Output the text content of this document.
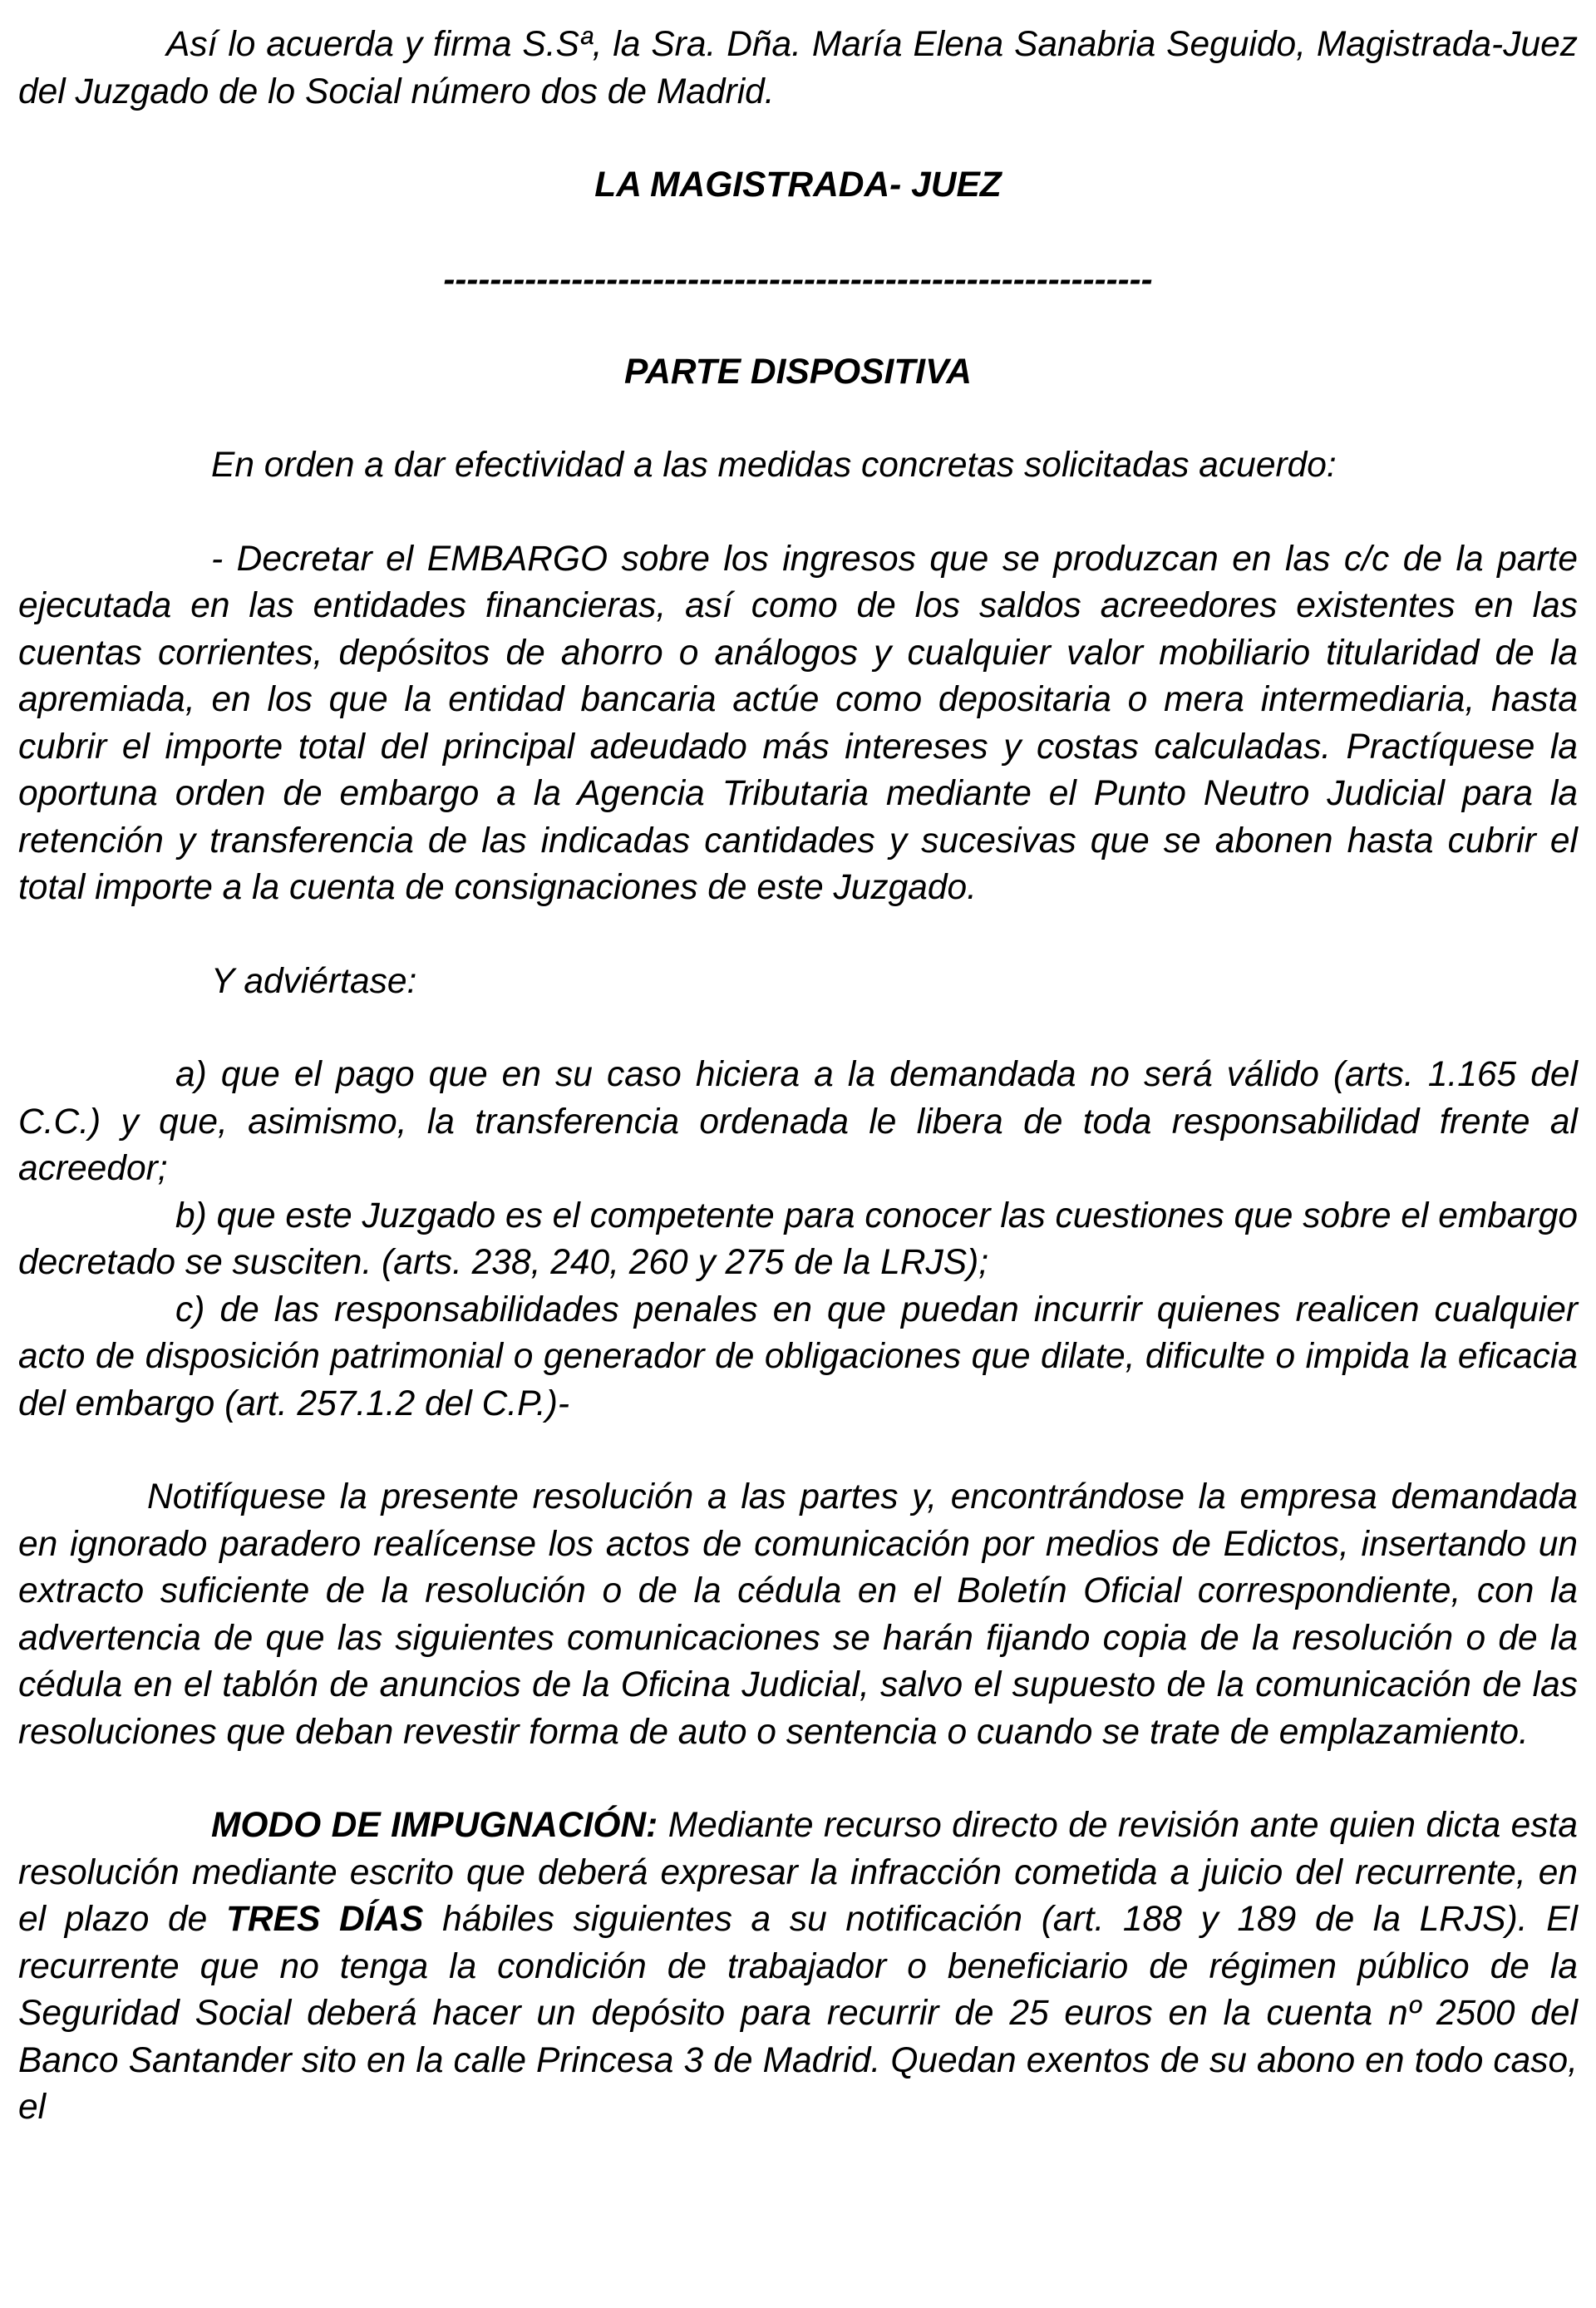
Así lo acuerda y firma S.Sª, la Sra. Dña. María Elena Sanabria Seguido, Magistrada-Juez del Juzgado de lo Social número dos de Madrid.

LA MAGISTRADA- JUEZ

-------------------------------------------------------------

PARTE DISPOSITIVA

En orden a dar efectividad a las medidas concretas solicitadas acuerdo:

- Decretar el EMBARGO sobre los ingresos que se produzcan en las c/c de la parte ejecutada en las entidades financieras, así como de los saldos acreedores existentes en las cuentas corrientes, depósitos de ahorro o análogos y cualquier valor mobiliario titularidad de la apremiada, en los que la entidad bancaria actúe como depositaria o mera intermediaria, hasta cubrir el importe total del principal adeudado más intereses y costas calculadas. Practíquese la oportuna orden de embargo a la Agencia Tributaria mediante el Punto Neutro Judicial para la retención y transferencia de las indicadas cantidades y sucesivas que se abonen hasta cubrir el total importe a la cuenta de consignaciones de este Juzgado.

Y adviértase:

a) que el pago que en su caso hiciera a la demandada no será válido (arts. 1.165 del C.C.) y que, asimismo, la transferencia ordenada le libera de toda responsabilidad frente al acreedor;

b) que este Juzgado es el competente para conocer las cuestiones que sobre el embargo decretado se susciten. (arts. 238, 240, 260 y 275 de la LRJS);

c) de las responsabilidades penales en que puedan incurrir quienes realicen cualquier acto de disposición patrimonial o generador de obligaciones que dilate, dificulte o impida la eficacia del embargo (art. 257.1.2 del C.P.)-

Notifíquese la presente resolución a las partes y, encontrándose la empresa demandada en ignorado paradero realícense los actos de comunicación por medios de Edictos, insertando un extracto suficiente de la resolución o de la cédula en el Boletín Oficial correspondiente, con la advertencia de que las siguientes comunicaciones se harán fijando copia de la resolución o de la cédula en el tablón de anuncios de la Oficina Judicial, salvo el supuesto de la comunicación de las resoluciones que deban revestir forma de auto o sentencia o cuando se trate de emplazamiento.

MODO DE IMPUGNACIÓN: Mediante recurso directo de revisión ante quien dicta esta resolución mediante escrito que deberá expresar la infracción cometida a juicio del recurrente, en el plazo de TRES DÍAS hábiles siguientes a su notificación (art. 188 y 189 de la LRJS). El recurrente que no tenga la condición de trabajador o beneficiario de régimen público de la Seguridad Social deberá hacer un depósito para recurrir de 25 euros en la cuenta nº 2500 del Banco Santander sito en la calle Princesa 3 de Madrid. Quedan exentos de su abono en todo caso, el
